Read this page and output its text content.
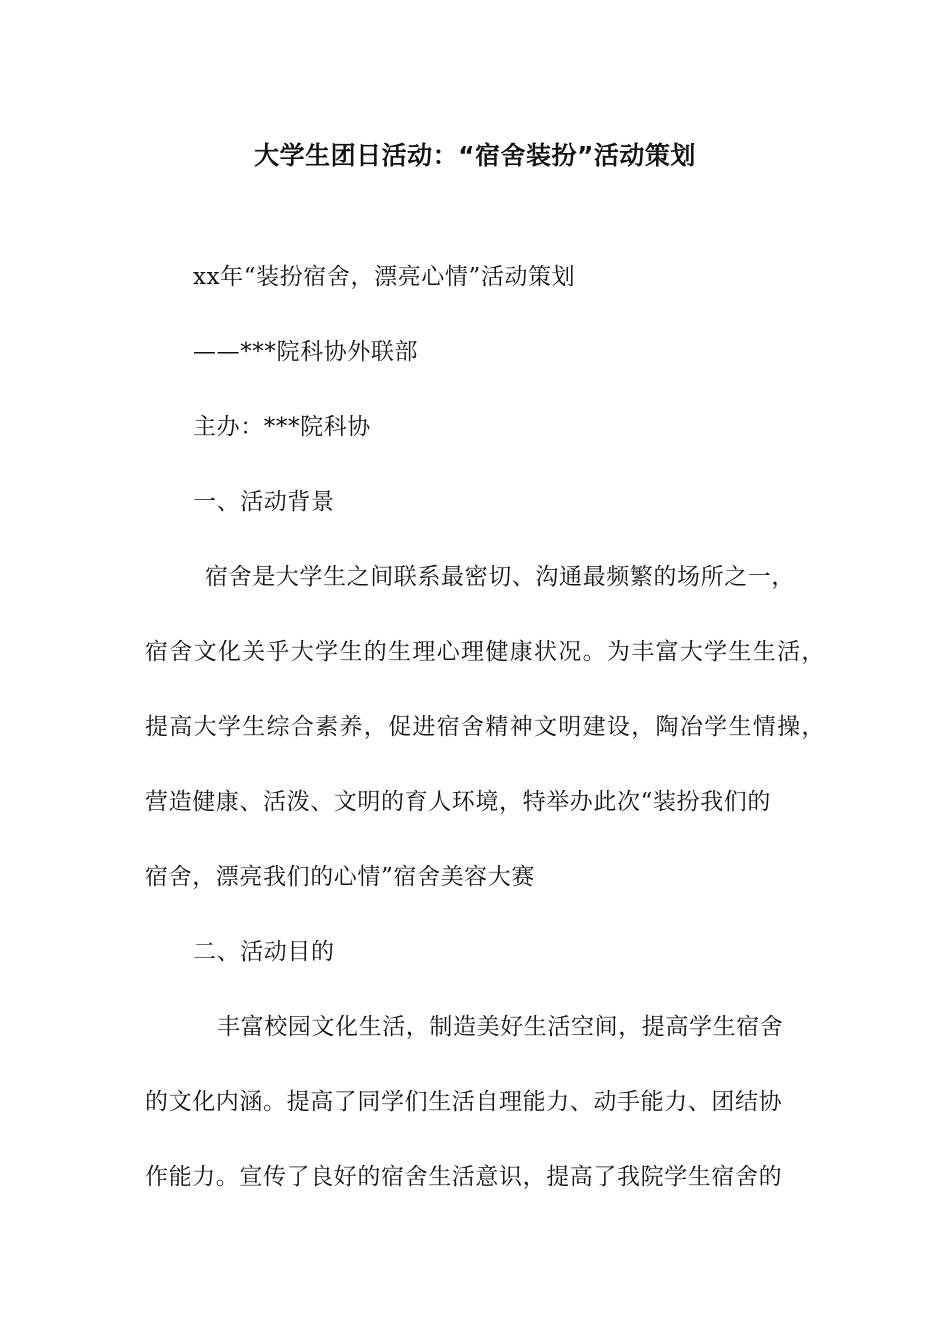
大学生团日活动：“宿舍装扮”活动策划
xx年“装扮宿舍，漂亮心情”活动策划
——***院科协外联部
主办：***院科协
一、活动背景
宿舍是大学生之间联系最密切、沟通最频繁的场所之一，
宿舍文化关乎大学生的生理心理健康状况。为丰富大学生生活，
提高大学生综合素养，促进宿舍精神文明建设，陶冶学生情操，
营造健康、活泼、文明的育人环境，特举办此次“装扮我们的
宿舍，漂亮我们的心情”宿舍美容大赛
二、活动目的
丰富校园文化生活，制造美好生活空间，提高学生宿舍
的文化内涵。提高了同学们生活自理能力、动手能力、团结协
作能力。宣传了良好的宿舍生活意识，提高了我院学生宿舍的
